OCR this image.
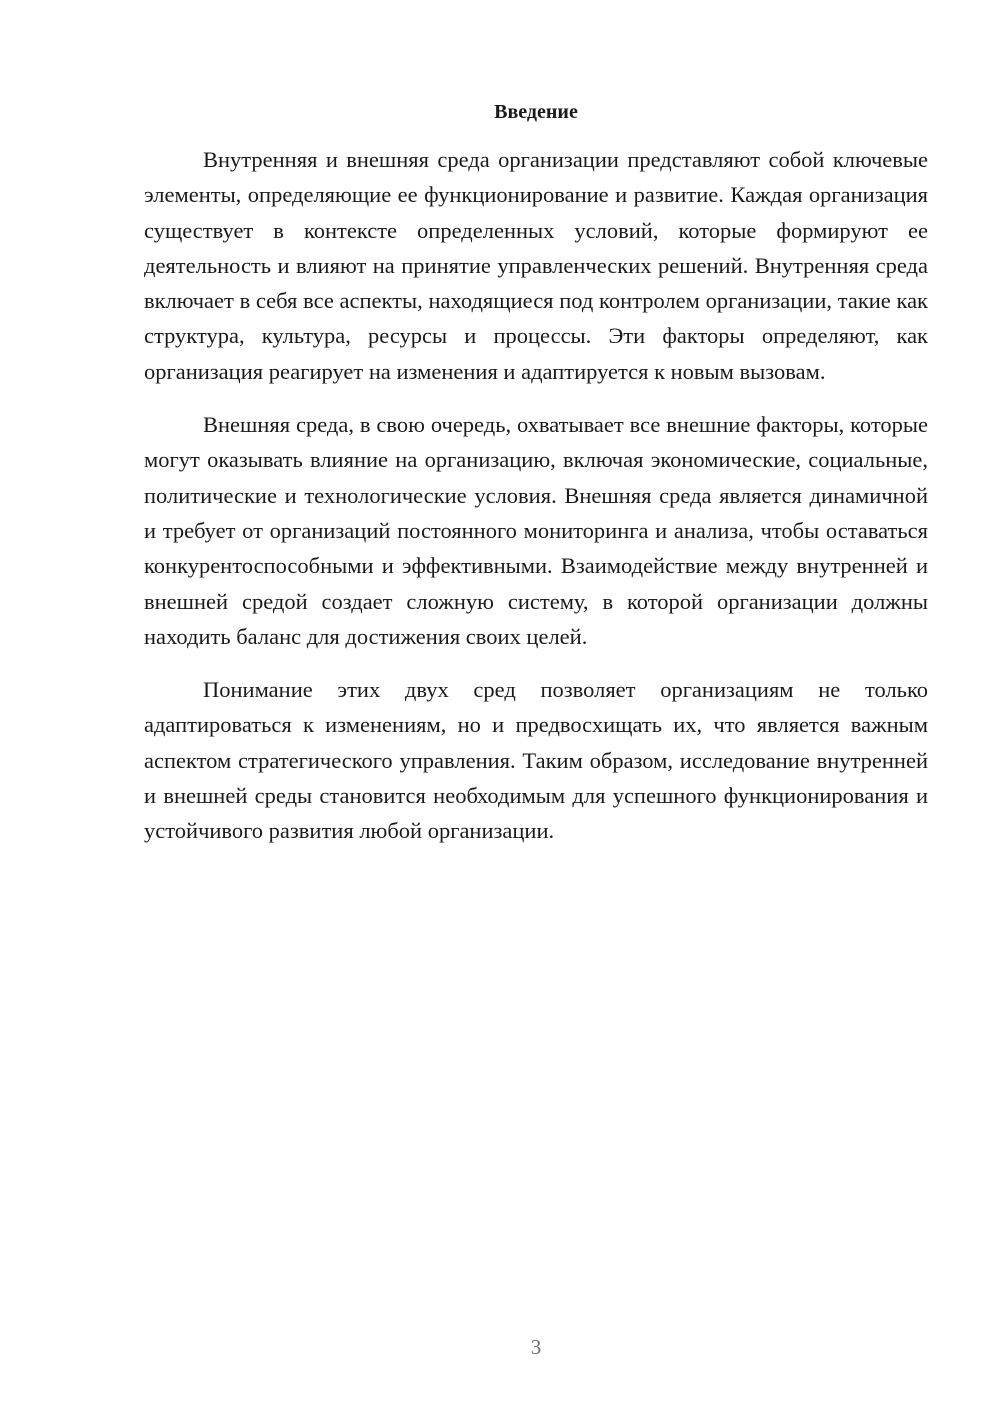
Введение

Внутренняя и внешняя среда организации представляют собой ключевые элементы, определяющие ее функционирование и развитие. Каждая организация существует в контексте определенных условий, которые формируют ее деятельность и влияют на принятие управленческих решений. Внутренняя среда включает в себя все аспекты, находящиеся под контролем организации, такие как структура, культура, ресурсы и процессы. Эти факторы определяют, как организация реагирует на изменения и адаптируется к новым вызовам.

Внешняя среда, в свою очередь, охватывает все внешние факторы, которые могут оказывать влияние на организацию, включая экономические, социальные, политические и технологические условия. Внешняя среда является динамичной и требует от организаций постоянного мониторинга и анализа, чтобы оставаться конкурентоспособными и эффективными. Взаимодействие между внутренней и внешней средой создает сложную систему, в которой организации должны находить баланс для достижения своих целей.

Понимание этих двух сред позволяет организациям не только адаптироваться к изменениям, но и предвосхищать их, что является важным аспектом стратегического управления. Таким образом, исследование внутренней и внешней среды становится необходимым для успешного функционирования и устойчивого развития любой организации.

3
